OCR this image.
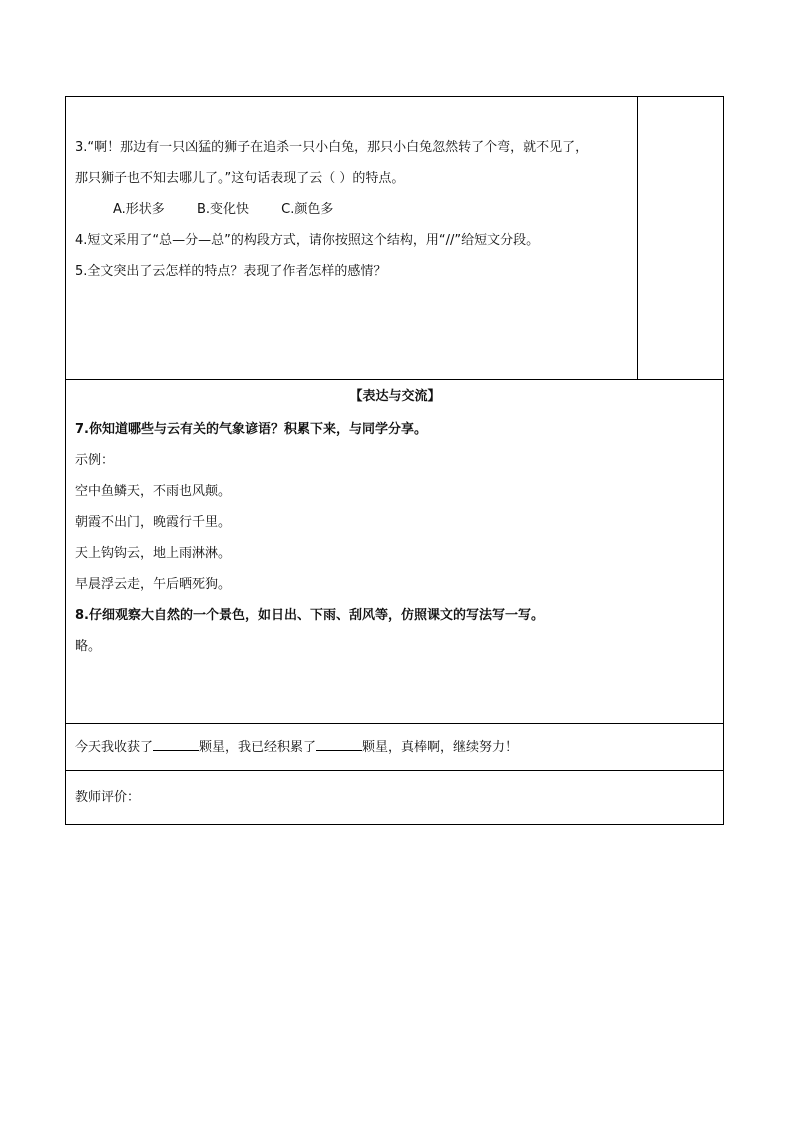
3.“啊！那边有一只凶猛的狮子在追杀一只小白兔，那只小白兔忽然转了个弯，就不见了，
那只狮子也不知去哪儿了。”这句话表现了云（ ）的特点。
A.形状多 B.变化快 C.颜色多
4.短文采用了“总—分—总”的构段方式，请你按照这个结构，用“//”给短文分段。
5.全文突出了云怎样的特点？表现了作者怎样的感情？
【表达与交流】
7.你知道哪些与云有关的气象谚语？积累下来，与同学分享。
示例：
空中鱼鳞天，不雨也风颠。
朝霞不出门，晚霞行千里。
天上钩钩云，地上雨淋淋。
早晨浮云走，午后晒死狗。
8.仔细观察大自然的一个景色，如日出、下雨、刮风等，仿照课文的写法写一写。
略。
今天我收获了	颗星，我已经积累了	颗星，真棒啊，继续努力！
教师评价：
